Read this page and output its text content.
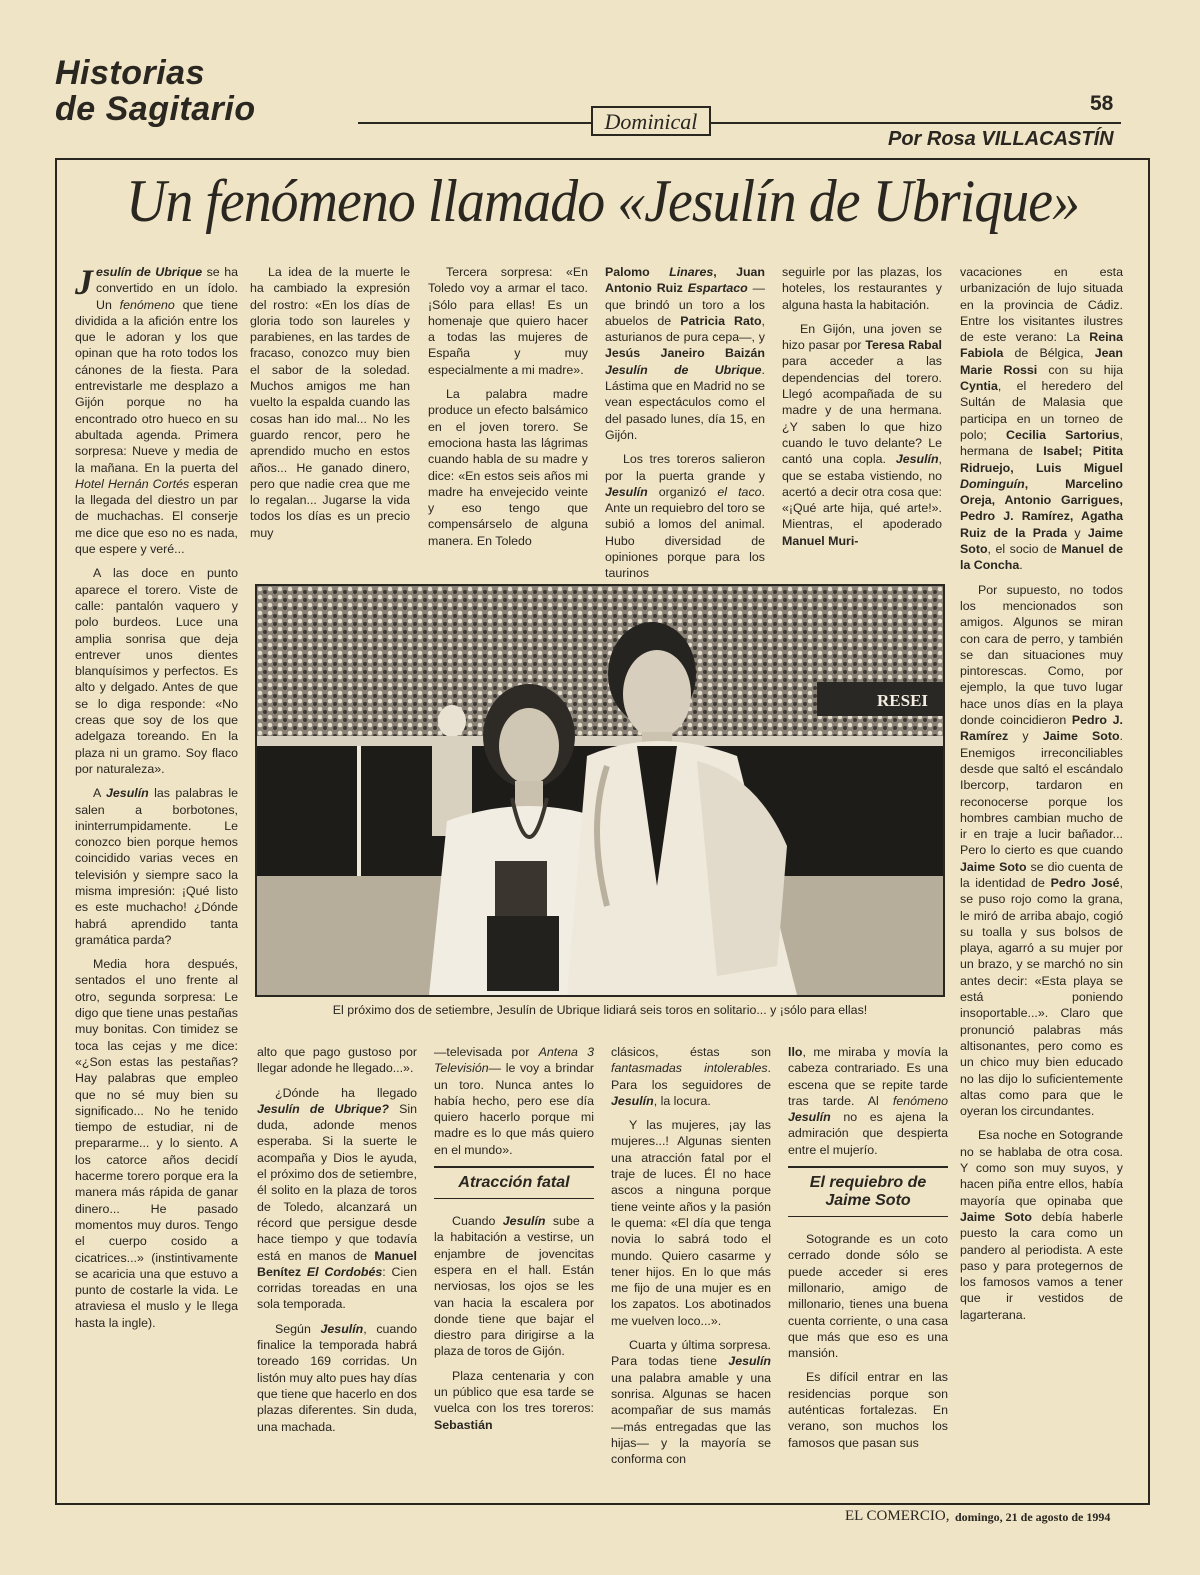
Historias
de Sagitario	Dominical
58
Por Rosa VILLACASTÍN
Un fenómeno llamado «Jesulín de Ubrique»

Jesulín de Ubrique se ha convertido en un ídolo. Un fenómeno que tiene dividida a la afición entre los que le adoran y los que opinan que ha roto todos los cánones de la fiesta. Para entrevistarle me desplazo a Gijón porque no ha encontrado otro hueco en su abultada agenda. Primera sorpresa: Nueve y media de la mañana. En la puerta del Hotel Hernán Cortés esperan la llegada del diestro un par de muchachas. El conserje me dice que eso no es nada, que espere y veré...

A las doce en punto aparece el torero. Viste de calle: pantalón vaquero y polo burdeos. Luce una amplia sonrisa que deja entrever unos dientes blanquísimos y perfectos. Es alto y delgado. Antes de que se lo diga responde: «No creas que soy de los que adelgaza toreando. En la plaza ni un gramo. Soy flaco por naturaleza».

A Jesulín las palabras le salen a borbotones, ininterrumpidamente. Le conozco bien porque hemos coincidido varias veces en televisión y siempre saco la misma impresión: ¡Qué listo es este muchacho! ¿Dónde habrá aprendido tanta gramática parda?

Media hora después, sentados el uno frente al otro, segunda sorpresa: Le digo que tiene unas pestañas muy bonitas. Con timidez se toca las cejas y me dice: «¿Son estas las pestañas? Hay palabras que empleo que no sé muy bien su significado... No he tenido tiempo de estudiar, ni de prepararme... y lo siento. A los catorce años decidí hacerme torero porque era la manera más rápida de ganar dinero... He pasado momentos muy duros. Tengo el cuerpo cosido a cicatrices...» (instintivamente se acaricia una que estuvo a punto de costarle la vida. Le atraviesa el muslo y le llega hasta la ingle).

La idea de la muerte le ha cambiado la expresión del rostro: «En los días de gloria todo son laureles y parabienes, en las tardes de fracaso, conozco muy bien el sabor de la soledad. Muchos amigos me han vuelto la espalda cuando las cosas han ido mal... No les guardo rencor, pero he aprendido mucho en estos años... He ganado dinero, pero que nadie crea que me lo regalan... Jugarse la vida todos los días es un precio muy

Tercera sorpresa: «En Toledo voy a armar el taco. ¡Sólo para ellas! Es un homenaje que quiero hacer a todas las mujeres de España y muy especialmente a mi madre».

La palabra madre produce un efecto balsámico en el joven torero. Se emociona hasta las lágrimas cuando habla de su madre y dice: «En estos seis años mi madre ha envejecido veinte y eso tengo que compensárselo de alguna manera. En Toledo

Palomo Linares, Juan Antonio Ruiz Espartaco —que brindó un toro a los abuelos de Patricia Rato, asturianos de pura cepa—, y Jesús Janeiro Baizán Jesulín de Ubrique. Lástima que en Madrid no se vean espectáculos como el del pasado lunes, día 15, en Gijón.

Los tres toreros salieron por la puerta grande y Jesulín organizó el taco. Ante un requiebro del toro se subió a lomos del animal. Hubo diversidad de opiniones porque para los taurinos

seguirle por las plazas, los hoteles, los restaurantes y alguna hasta la habitación.

En Gijón, una joven se hizo pasar por Teresa Rabal para acceder a las dependencias del torero. Llegó acompañada de su madre y de una hermana. ¿Y saben lo que hizo cuando le tuvo delante? Le cantó una copla. Jesulín, que se estaba vistiendo, no acertó a decir otra cosa que: «¡Qué arte hija, qué arte!». Mientras, el apoderado Manuel Muri-

vacaciones en esta urbanización de lujo situada en la provincia de Cádiz. Entre los visitantes ilustres de este verano: La Reina Fabiola de Bélgica, Jean Marie Rossi con su hija Cyntia, el heredero del Sultán de Malasia que participa en un torneo de polo; Cecilia Sartorius, hermana de Isabel; Pitita Ridruejo, Luis Miguel Dominguín, Marcelino Oreja, Antonio Garrigues, Pedro J. Ramírez, Agatha Ruiz de la Prada y Jaime Soto, el socio de Manuel de la Concha.

Por supuesto, no todos los mencionados son amigos. Algunos se miran con cara de perro, y también se dan situaciones muy pintorescas. Como, por ejemplo, la que tuvo lugar hace unos días en la playa donde coincidieron Pedro J. Ramírez y Jaime Soto. Enemigos irreconciliables desde que saltó el escándalo Ibercorp, tardaron en reconocerse porque los hombres cambian mucho de ir en traje a lucir bañador... Pero lo cierto es que cuando Jaime Soto se dio cuenta de la identidad de Pedro José, se puso rojo como la grana, le miró de arriba abajo, cogió su toalla y sus bolsos de playa, agarró a su mujer por un brazo, y se marchó no sin antes decir: «Esta playa se está poniendo insoportable...». Claro que pronunció palabras más altisonantes, pero como es un chico muy bien educado no las dijo lo suficientemente altas como para que le oyeran los circundantes.

Esa noche en Sotogrande no se hablaba de otra cosa. Y como son muy suyos, y hacen piña entre ellos, había mayoría que opinaba que Jaime Soto debía haberle puesto la cara como un pandero al periodista. A este paso y para protegernos de los famosos vamos a tener que ir vestidos de lagarterana.

RESEI
El próximo dos de setiembre, Jesulín de Ubrique lidiará seis toros en solitario... y ¡sólo para ellas!

alto que pago gustoso por llegar adonde he llegado...».

¿Dónde ha llegado Jesulín de Ubrique? Sin duda, adonde menos esperaba. Si la suerte le acompaña y Dios le ayuda, el próximo dos de setiembre, él solito en la plaza de toros de Toledo, alcanzará un récord que persigue desde hace tiempo y que todavía está en manos de Manuel Benítez El Cordobés: Cien corridas toreadas en una sola temporada.

Según Jesulín, cuando finalice la temporada habrá toreado 169 corridas. Un listón muy alto pues hay días que tiene que hacerlo en dos plazas diferentes. Sin duda, una machada.

—televisada por Antena 3 Televisión— le voy a brindar un toro. Nunca antes lo había hecho, pero ese día quiero hacerlo porque mi madre es lo que más quiero en el mundo».

Atracción fatal

Cuando Jesulín sube a la habitación a vestirse, un enjambre de jovencitas espera en el hall. Están nerviosas, los ojos se les van hacia la escalera por donde tiene que bajar el diestro para dirigirse a la plaza de toros de Gijón.

Plaza centenaria y con un público que esa tarde se vuelca con los tres toreros: Sebastián

clásicos, éstas son fantasmadas intolerables. Para los seguidores de Jesulín, la locura.

Y las mujeres, ¡ay las mujeres...! Algunas sienten una atracción fatal por el traje de luces. Él no hace ascos a ninguna porque tiene veinte años y la pasión le quema: «El día que tenga novia lo sabrá todo el mundo. Quiero casarme y tener hijos. En lo que más me fijo de una mujer es en los zapatos. Los abotinados me vuelven loco...».

Cuarta y última sorpresa. Para todas tiene Jesulín una palabra amable y una sonrisa. Algunas se hacen acompañar de sus mamás —más entregadas que las hijas— y la mayoría se conforma con

llo, me miraba y movía la cabeza contrariado. Es una escena que se repite tarde tras tarde. Al fenómeno Jesulín no es ajena la admiración que despierta entre el mujerío.

El requiebro de Jaime Soto

Sotogrande es un coto cerrado donde sólo se puede acceder si eres millonario, amigo de millonario, tienes una buena cuenta corriente, o una casa que más que eso es una mansión.

Es difícil entrar en las residencias porque son auténticas fortalezas. En verano, son muchos los famosos que pasan sus

EL COMERCIO, domingo, 21 de agosto de 1994
